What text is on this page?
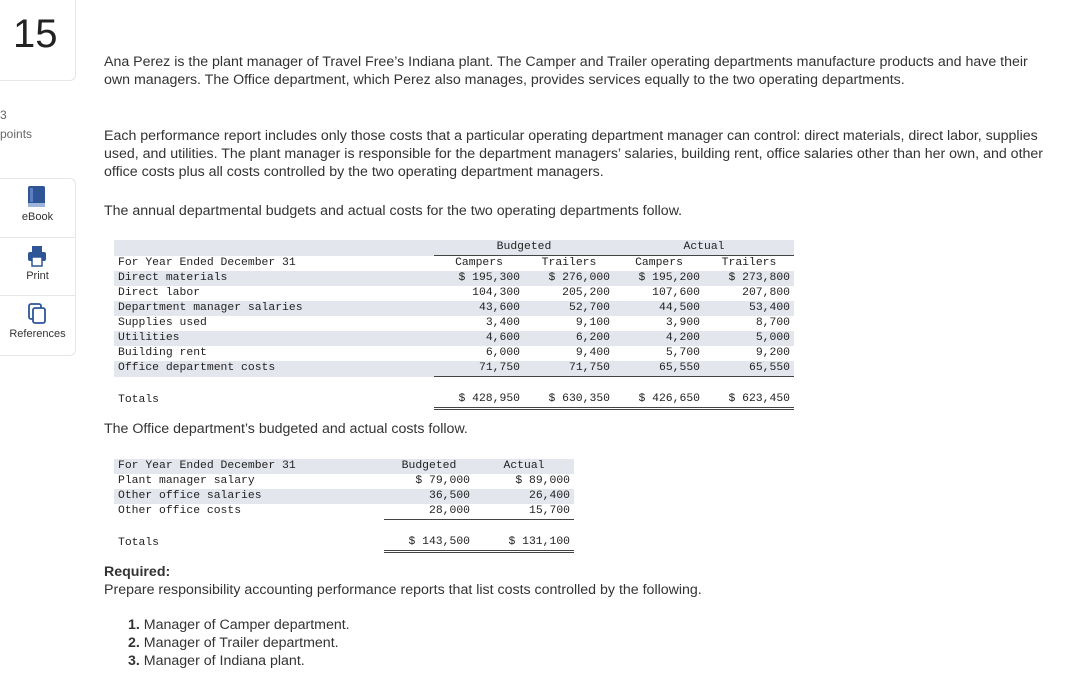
15
3
points
eBook
Print
References
Ana Perez is the plant manager of Travel Free’s Indiana plant. The Camper and Trailer operating departments manufacture products and have their own managers. The Office department, which Perez also manages, provides services equally to the two operating departments.
Each performance report includes only those costs that a particular operating department manager can control: direct materials, direct labor, supplies used, and utilities. The plant manager is responsible for the department managers’ salaries, building rent, office salaries other than her own, and other office costs plus all costs controlled by the two operating department managers.
The annual departmental budgets and actual costs for the two operating departments follow.
	Budgeted		Actual	
For Year Ended December 31	Campers	Trailers	Campers	Trailers
Direct materials	$ 195,300	$ 276,000	$ 195,200	$ 273,800
Direct labor	104,300	205,200	107,600	207,800
Department manager salaries	43,600	52,700	44,500	53,400
Supplies used	3,400	9,100	3,900	8,700
Utilities	4,600	6,200	4,200	5,000
Building rent	6,000	9,400	5,700	9,200
Office department costs	71,750	71,750	65,550	65,550

Totals	$ 428,950	$ 630,350	$ 426,650	$ 623,450
The Office department’s budgeted and actual costs follow.
For Year Ended December 31	Budgeted	Actual
Plant manager salary	$ 79,000	$ 89,000
Other office salaries	36,500	26,400
Other office costs	28,000	15,700

Totals	$ 143,500	$ 131,100
Required:
Prepare responsibility accounting performance reports that list costs controlled by the following.
1. Manager of Camper department.
2. Manager of Trailer department.
3. Manager of Indiana plant.
